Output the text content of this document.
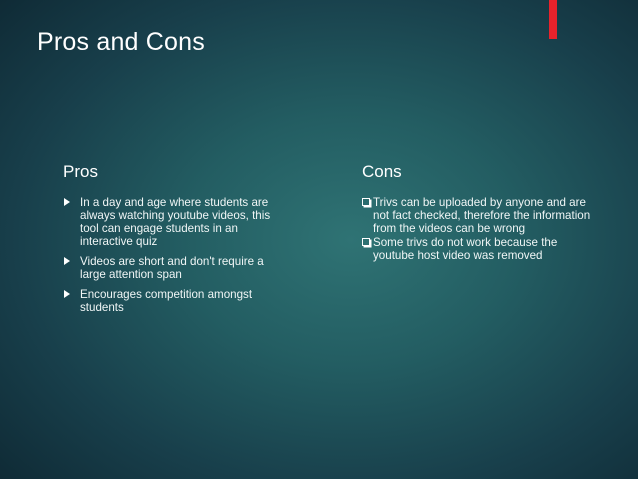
Pros and Cons
Pros
In a day and age where students are always watching youtube videos, this tool can engage students in an interactive quiz
Videos are short and don't require a large attention span
Encourages competition amongst students
Cons
Trivs can be uploaded by anyone and are not fact checked, therefore the information from the videos can be wrong
Some trivs do not work because the youtube host video was removed
